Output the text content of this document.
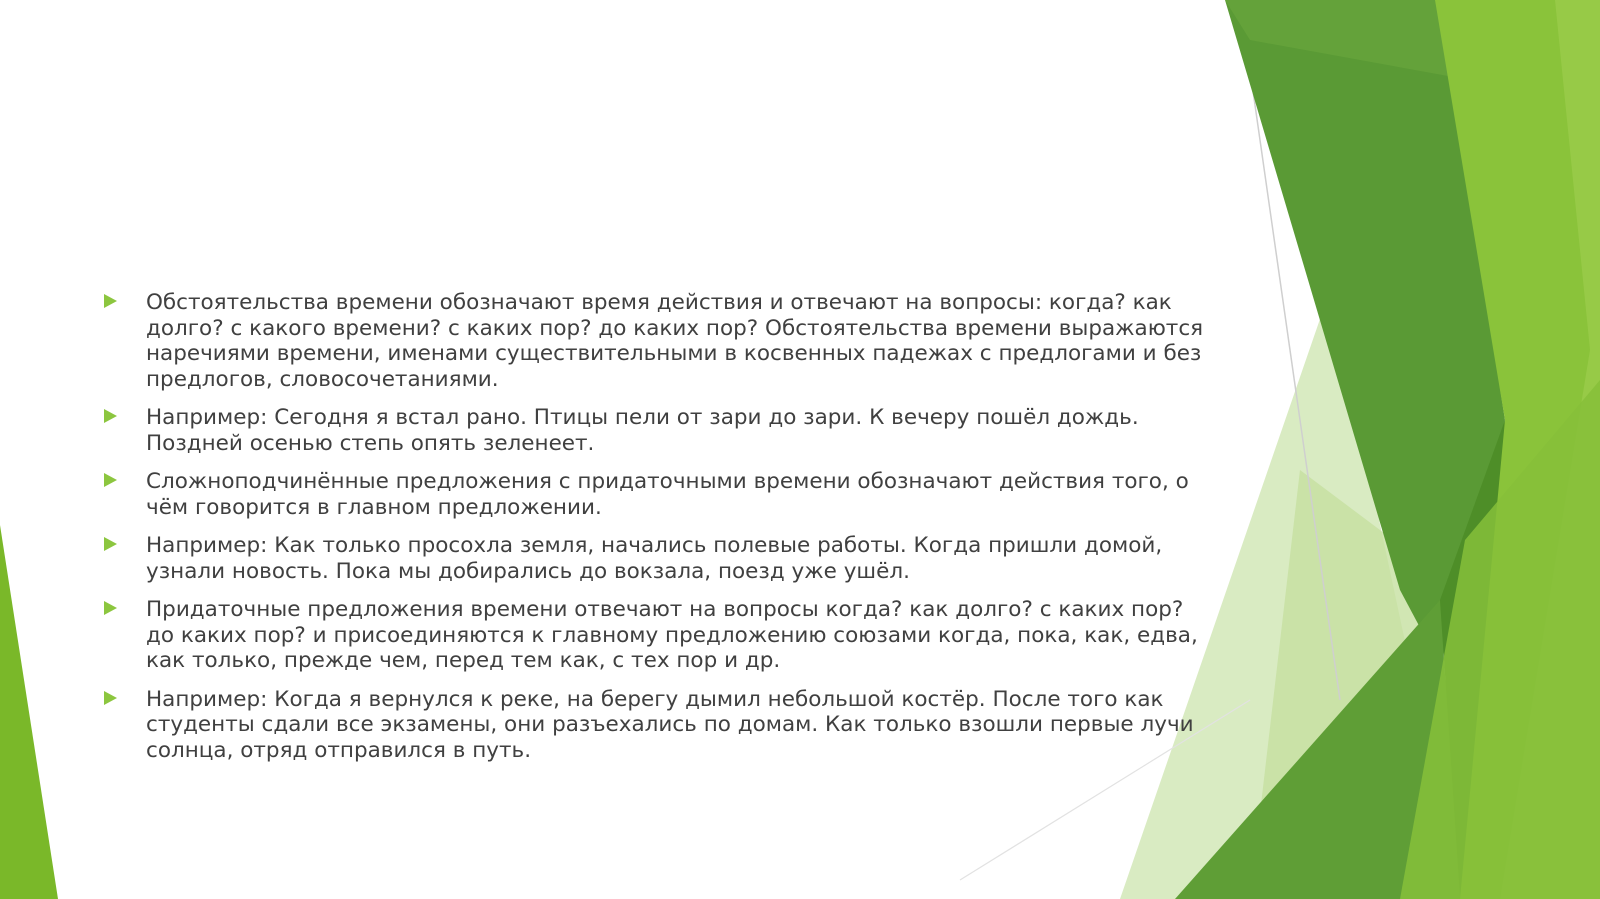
Обстоятельства времени обозначают время действия и отвечают на вопросы: когда? как долго? с какого времени? с каких пор? до каких пор? Обстоятельства времени выражаются наречиями времени, именами существительными в косвенных падежах с предлогами и без предлогов, словосочетаниями.
Например: Сегодня я встал рано. Птицы пели от зари до зари. К вечеру пошёл дождь. Поздней осенью степь опять зеленеет.
Сложноподчинённые предложения с придаточными времени обозначают действия того, о чём говорится в главном предложении.
Например: Как только просохла земля, начались полевые работы. Когда пришли домой, узнали новость. Пока мы добирались до вокзала, поезд уже ушёл.
Придаточные предложения времени отвечают на вопросы когда? как долго? с каких пор? до каких пор? и присоединяются к главному предложению союзами когда, пока, как, едва, как только, прежде чем, перед тем как, с тех пор и др.
Например: Когда я вернулся к реке, на берегу дымил небольшой костёр. После того как студенты сдали все экзамены, они разъехались по домам. Как только взошли первые лучи солнца, отряд отправился в путь.
